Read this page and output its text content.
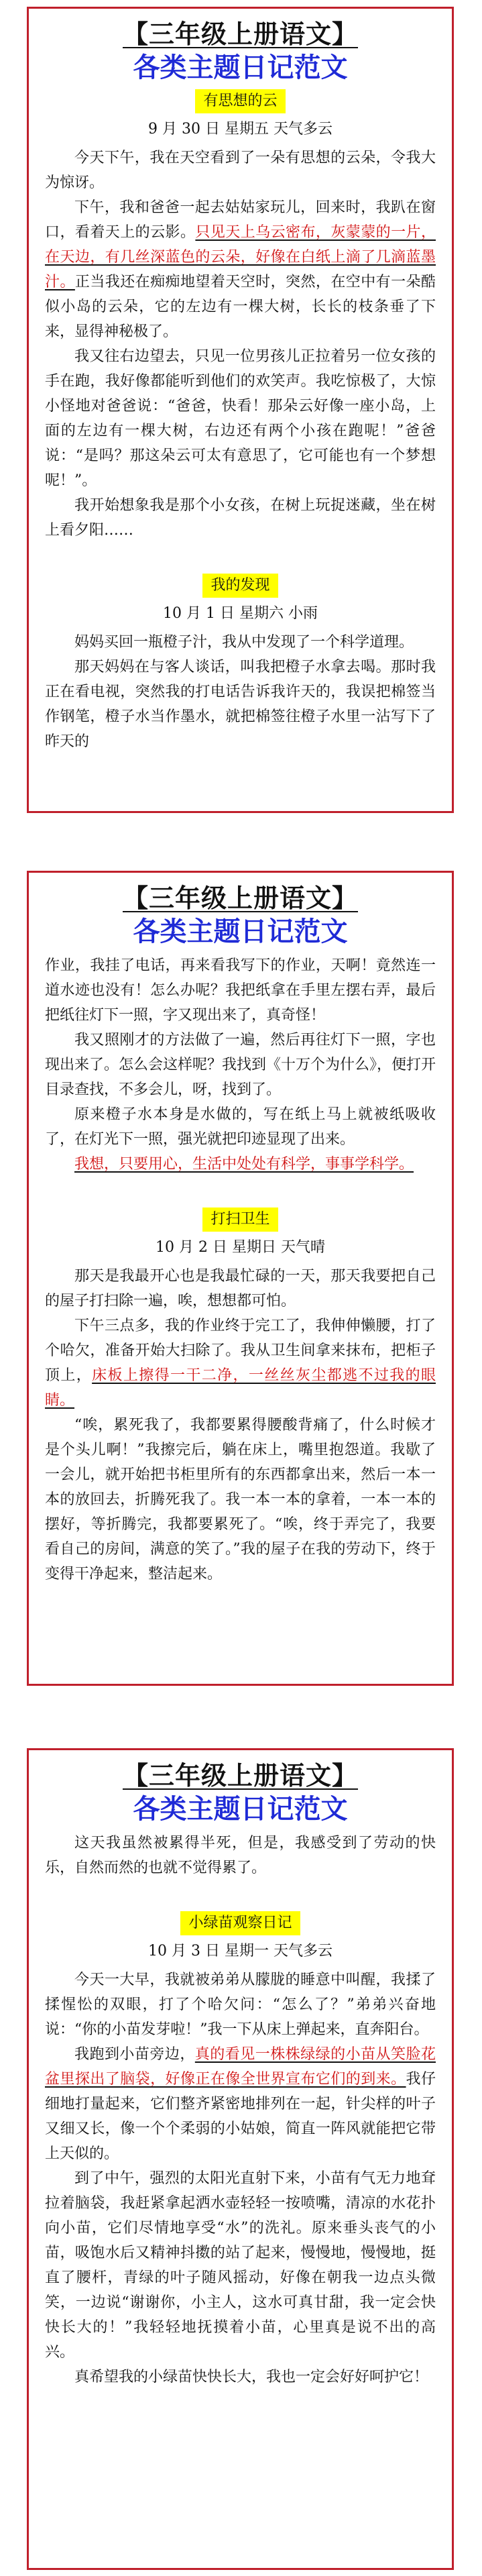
【三年级上册语文】
各类主题日记范文
有思想的云
9 月 30 日 星期五 天气多云

今天下午，我在天空看到了一朵有思想的云朵，令我大为惊讶。

下午，我和爸爸一起去姑姑家玩儿，回来时，我趴在窗口，看着天上的云影。只见天上乌云密布，灰蒙蒙的一片，在天边，有几丝深蓝色的云朵，好像在白纸上滴了几滴蓝墨汁。正当我还在痴痴地望着天空时，突然，在空中有一朵酷似小岛的云朵，它的左边有一棵大树，长长的枝条垂了下来，显得神秘极了。

我又往右边望去，只见一位男孩儿正拉着另一位女孩的手在跑，我好像都能听到他们的欢笑声。我吃惊极了，大惊小怪地对爸爸说：“爸爸，快看！那朵云好像一座小岛，上面的左边有一棵大树，右边还有两个小孩在跑呢！”爸爸说：“是吗？那这朵云可太有意思了，它可能也有一个梦想呢！”。

我开始想象我是那个小女孩，在树上玩捉迷藏，坐在树上看夕阳……

我的发现
10 月 1 日 星期六 小雨

妈妈买回一瓶橙子汁，我从中发现了一个科学道理。

那天妈妈在与客人谈话，叫我把橙子水拿去喝。那时我正在看电视，突然我的打电话告诉我许天的，我误把棉签当作钢笔，橙子水当作墨水，就把棉签往橙子水里一沾写下了昨天的

【三年级上册语文】
各类主题日记范文

作业，我挂了电话，再来看我写下的作业，天啊！竟然连一道水迹也没有！怎么办呢？我把纸拿在手里左摆右弄，最后把纸往灯下一照，字又现出来了，真奇怪！

我又照刚才的方法做了一遍，然后再往灯下一照，字也现出来了。怎么会这样呢？我找到《十万个为什么》，便打开目录查找，不多会儿，呀，找到了。

原来橙子水本身是水做的，写在纸上马上就被纸吸收了，在灯光下一照，强光就把印迹显现了出来。

我想，只要用心，生活中处处有科学，事事学科学。

打扫卫生
10 月 2 日 星期日 天气晴

那天是我最开心也是我最忙碌的一天，那天我要把自己的屋子打扫除一遍，唉，想想都可怕。

下午三点多，我的作业终于完工了，我伸伸懒腰，打了个哈欠，准备开始大扫除了。我从卫生间拿来抹布，把柜子顶上，床板上擦得一干二净，一丝丝灰尘都逃不过我的眼睛。

“唉，累死我了，我都要累得腰酸背痛了，什么时候才是个头儿啊！”我擦完后，躺在床上，嘴里抱怨道。我歇了一会儿，就开始把书柜里所有的东西都拿出来，然后一本一本的放回去，折腾死我了。我一本一本的拿着，一本一本的摆好，等折腾完，我都要累死了。“唉，终于弄完了，我要看自己的房间，满意的笑了。”我的屋子在我的劳动下，终于变得干净起来，整洁起来。

【三年级上册语文】
各类主题日记范文

这天我虽然被累得半死，但是，我感受到了劳动的快乐，自然而然的也就不觉得累了。

小绿苗观察日记
10 月 3 日 星期一 天气多云

今天一大早，我就被弟弟从朦胧的睡意中叫醒，我揉了揉惺忪的双眼，打了个哈欠问：“怎么了？”弟弟兴奋地说：“你的小苗发芽啦！”我一下从床上弹起来，直奔阳台。

我跑到小苗旁边，真的看见一株株绿绿的小苗从笑脸花盆里探出了脑袋，好像正在像全世界宣布它们的到来。我仔细地打量起来，它们整齐紧密地排列在一起，针尖样的叶子又细又长，像一个个柔弱的小姑娘，简直一阵风就能把它带上天似的。

到了中午，强烈的太阳光直射下来，小苗有气无力地耷拉着脑袋，我赶紧拿起洒水壶轻轻一按喷嘴，清凉的水花扑向小苗，它们尽情地享受“水”的洗礼。原来垂头丧气的小苗，吸饱水后又精神抖擞的站了起来，慢慢地，慢慢地，挺直了腰杆，青绿的叶子随风摇动，好像在朝我一边点头微笑，一边说“谢谢你，小主人，这水可真甘甜，我一定会快快长大的！”我轻轻地抚摸着小苗，心里真是说不出的高兴。

真希望我的小绿苗快快长大，我也一定会好好呵护它！
